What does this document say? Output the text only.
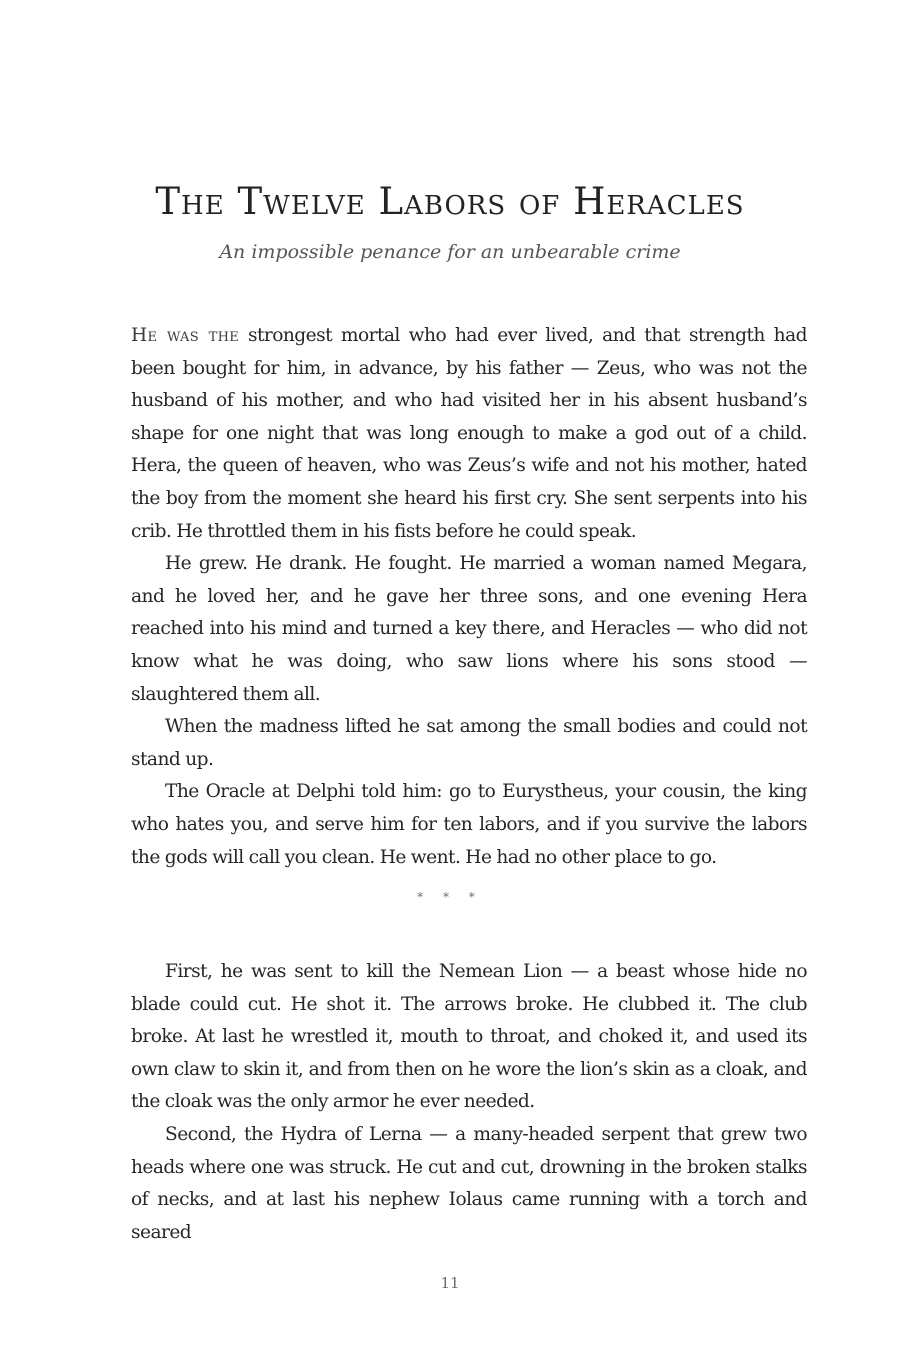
The Twelve Labors of Heracles
An impossible penance for an unbearable crime

He was the strongest mortal who had ever lived, and that strength had been bought for him, in advance, by his father — Zeus, who was not the husband of his mother, and who had visited her in his absent husband’s shape for one night that was long enough to make a god out of a child. Hera, the queen of heaven, who was Zeus’s wife and not his mother, hated the boy from the moment she heard his first cry. She sent serpents into his crib. He throttled them in his fists before he could speak.

He grew. He drank. He fought. He married a woman named Megara, and he loved her, and he gave her three sons, and one evening Hera reached into his mind and turned a key there, and Heracles — who did not know what he was doing, who saw lions where his sons stood — slaughtered them all.

When the madness lifted he sat among the small bodies and could not stand up.

The Oracle at Delphi told him: go to Eurystheus, your cousin, the king who hates you, and serve him for ten labors, and if you survive the labors the gods will call you clean. He went. He had no other place to go.

* * *

First, he was sent to kill the Nemean Lion — a beast whose hide no blade could cut. He shot it. The arrows broke. He clubbed it. The club broke. At last he wrestled it, mouth to throat, and choked it, and used its own claw to skin it, and from then on he wore the lion’s skin as a cloak, and the cloak was the only armor he ever needed.

Second, the Hydra of Lerna — a many-headed serpent that grew two heads where one was struck. He cut and cut, drowning in the broken stalks of necks, and at last his nephew Iolaus came running with a torch and seared

11
